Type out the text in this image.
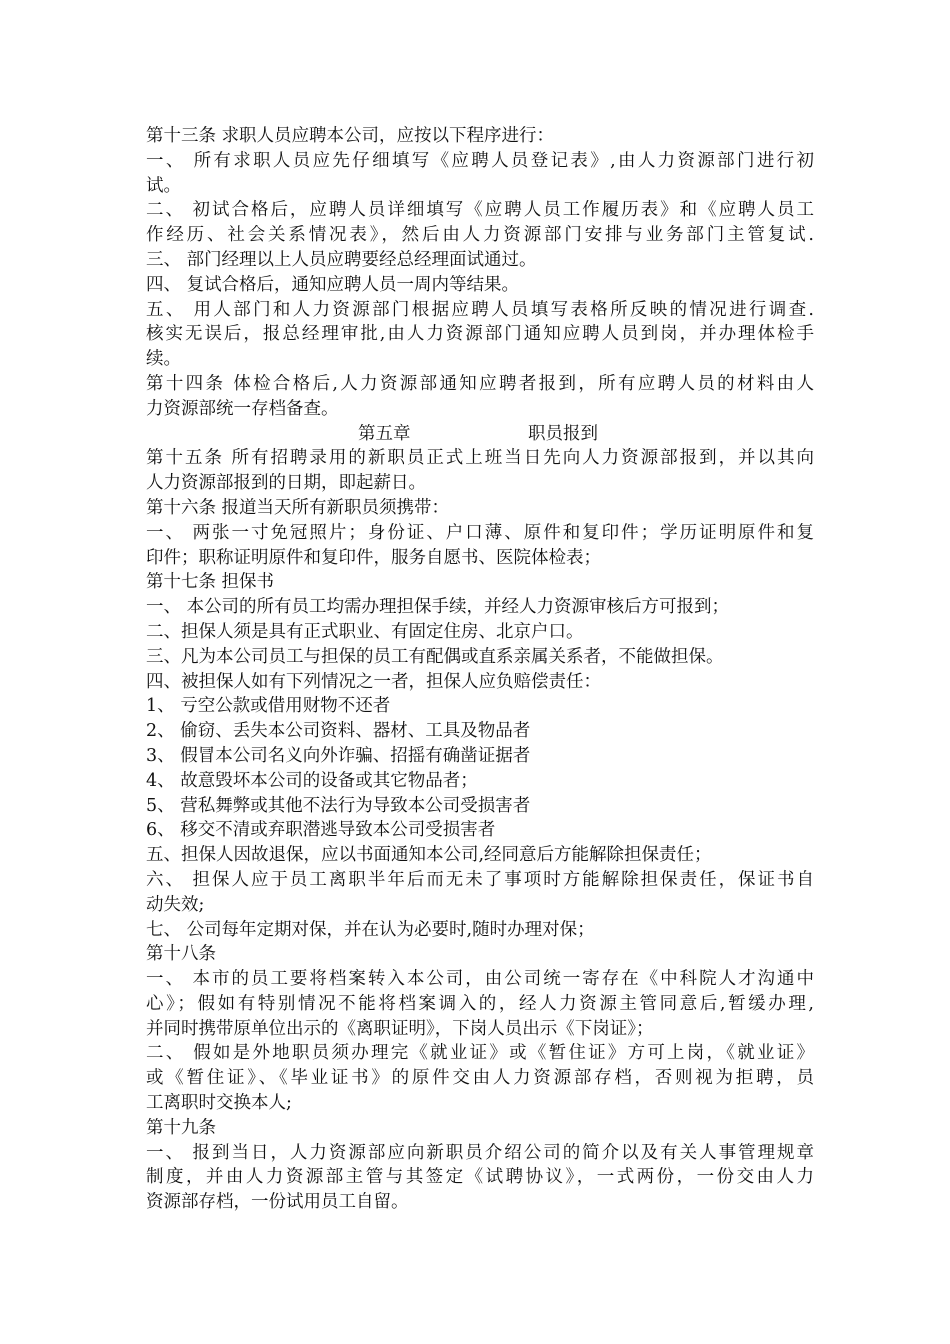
第十三条 求职人员应聘本公司，应按以下程序进行：
一、 所有求职人员应先仔细填写《应聘人员登记表》,由人力资源部门进行初
试。
二、 初试合格后，应聘人员详细填写《应聘人员工作履历表》和《应聘人员工
作经历、社会关系情况表》，然后由人力资源部门安排与业务部门主管复试.
三、 部门经理以上人员应聘要经总经理面试通过。
四、 复试合格后，通知应聘人员一周内等结果。
五、 用人部门和人力资源部门根据应聘人员填写表格所反映的情况进行调查.
核实无误后，报总经理审批,由人力资源部门通知应聘人员到岗，并办理体检手
续。
第十四条 体检合格后,人力资源部通知应聘者报到，所有应聘人员的材料由人
力资源部统一存档备查。
第五章	职员报到
第十五条 所有招聘录用的新职员正式上班当日先向人力资源部报到，并以其向
人力资源部报到的日期，即起薪日。
第十六条 报道当天所有新职员须携带：
一、 两张一寸免冠照片；身份证、户口薄、原件和复印件；学历证明原件和复
印件；职称证明原件和复印件，服务自愿书、医院体检表；
第十七条 担保书
一、 本公司的所有员工均需办理担保手续，并经人力资源审核后方可报到；
二、担保人须是具有正式职业、有固定住房、北京户口。
三、凡为本公司员工与担保的员工有配偶或直系亲属关系者，不能做担保。
四、被担保人如有下列情况之一者，担保人应负赔偿责任：
1、 亏空公款或借用财物不还者
2、 偷窃、丢失本公司资料、器材、工具及物品者
3、 假冒本公司名义向外诈骗、招摇有确凿证据者
4、 故意毁坏本公司的设备或其它物品者；
5、 营私舞弊或其他不法行为导致本公司受损害者
6、 移交不清或弃职潜逃导致本公司受损害者
五、担保人因故退保，应以书面通知本公司,经同意后方能解除担保责任；
六、 担保人应于员工离职半年后而无未了事项时方能解除担保责任，保证书自
动失效;
七、 公司每年定期对保，并在认为必要时,随时办理对保；
第十八条
一、 本市的员工要将档案转入本公司，由公司统一寄存在《中科院人才沟通中
心》；假如有特别情况不能将档案调入的，经人力资源主管同意后,暂缓办理,
并同时携带原单位出示的《离职证明》，下岗人员出示《下岗证》；
二、 假如是外地职员须办理完《就业证》或《暂住证》方可上岗，《就业证》
或《暂住证》、《毕业证书》的原件交由人力资源部存档，否则视为拒聘，员
工离职时交换本人;
第十九条
一、 报到当日，人力资源部应向新职员介绍公司的简介以及有关人事管理规章
制度，并由人力资源部主管与其签定《试聘协议》，一式两份，一份交由人力
资源部存档，一份试用员工自留。
